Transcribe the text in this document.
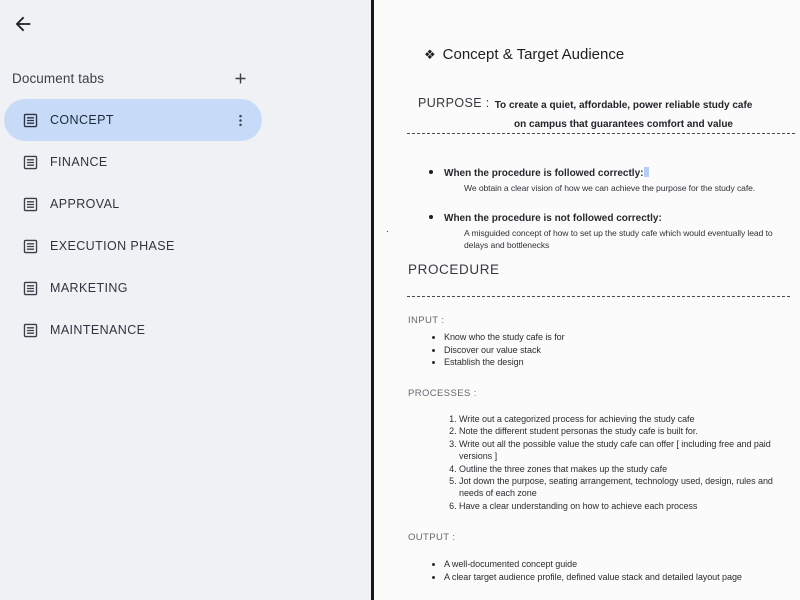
Document tabs
CONCEPT
FINANCE
APPROVAL
EXECUTION PHASE
MARKETING
MAINTENANCE
❖ Concept & Target Audience
PURPOSE : To create a quiet, affordable, power reliable study cafe
on campus that guarantees comfort and value
• When the procedure is followed correctly:
We obtain a clear vision of how we can achieve the purpose for the study cafe.
• When the procedure is not followed correctly:
A misguided concept of how to set up the study cafe which would eventually lead to delays and bottlenecks
.
PROCEDURE
INPUT :
• Know who the study cafe is for
• Discover our value stack
• Establish the design
PROCESSES :
1. Write out a categorized process for achieving the study cafe
2. Note the different student personas the study cafe is built for.
3. Write out all the possible value the study cafe can offer [ including free and paid versions ]
4. Outline the three zones that makes up the study cafe
5. Jot down the purpose, seating arrangement, technology used, design, rules and needs of each zone
6. Have a clear understanding on how to achieve each process
OUTPUT :
• A well-documented concept guide
• A clear target audience profile, defined value stack and detailed layout page
